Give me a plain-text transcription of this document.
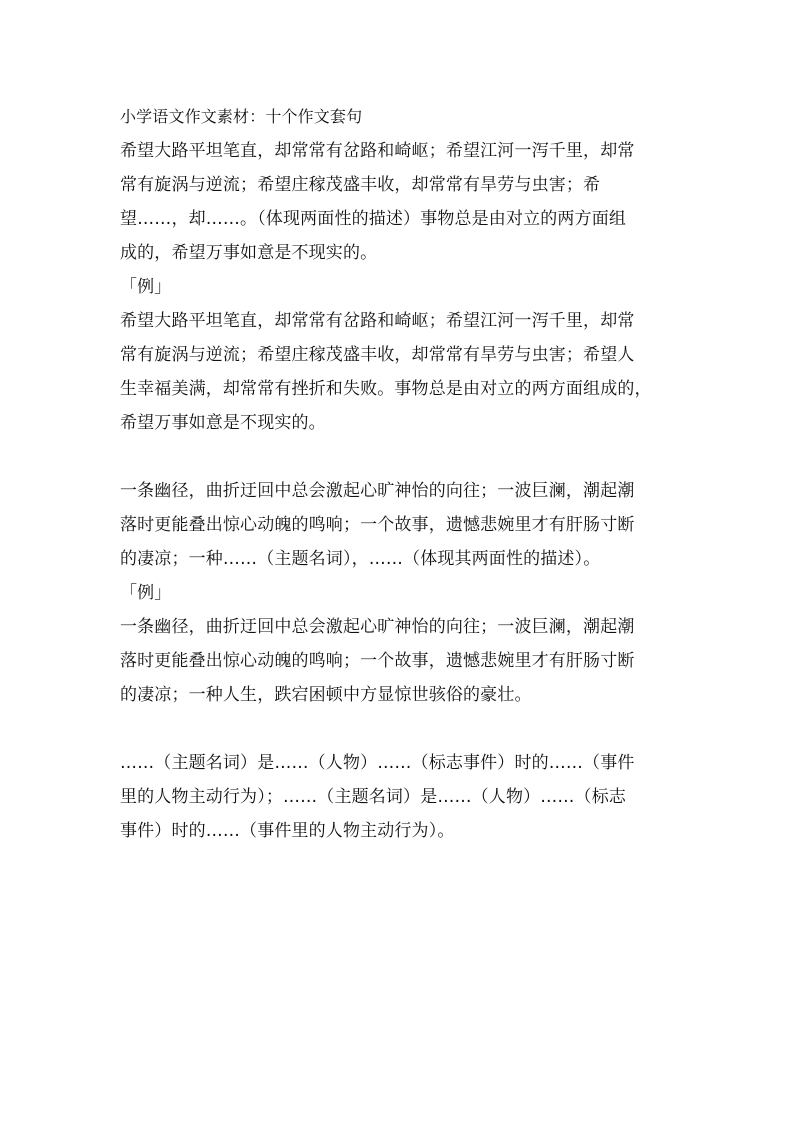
小学语文作文素材：十个作文套句
希望大路平坦笔直，却常常有岔路和崎岖；希望江河一泻千里，却常
常有旋涡与逆流；希望庄稼茂盛丰收，却常常有旱劳与虫害；希
望……，却……。（体现两面性的描述）事物总是由对立的两方面组
成的，希望万事如意是不现实的。
「例」
希望大路平坦笔直，却常常有岔路和崎岖；希望江河一泻千里，却常
常有旋涡与逆流；希望庄稼茂盛丰收，却常常有旱劳与虫害；希望人
生幸福美满，却常常有挫折和失败。事物总是由对立的两方面组成的，
希望万事如意是不现实的。
一条幽径，曲折迂回中总会激起心旷神怡的向往；一波巨澜，潮起潮
落时更能叠出惊心动魄的鸣响；一个故事，遗憾悲婉里才有肝肠寸断
的凄凉；一种……（主题名词），……（体现其两面性的描述）。
「例」
一条幽径，曲折迂回中总会激起心旷神怡的向往；一波巨澜，潮起潮
落时更能叠出惊心动魄的鸣响；一个故事，遗憾悲婉里才有肝肠寸断
的凄凉；一种人生，跌宕困顿中方显惊世骇俗的豪壮。
……（主题名词）是……（人物）……（标志事件）时的……（事件
里的人物主动行为）；……（主题名词）是……（人物）……（标志
事件）时的……（事件里的人物主动行为）。
